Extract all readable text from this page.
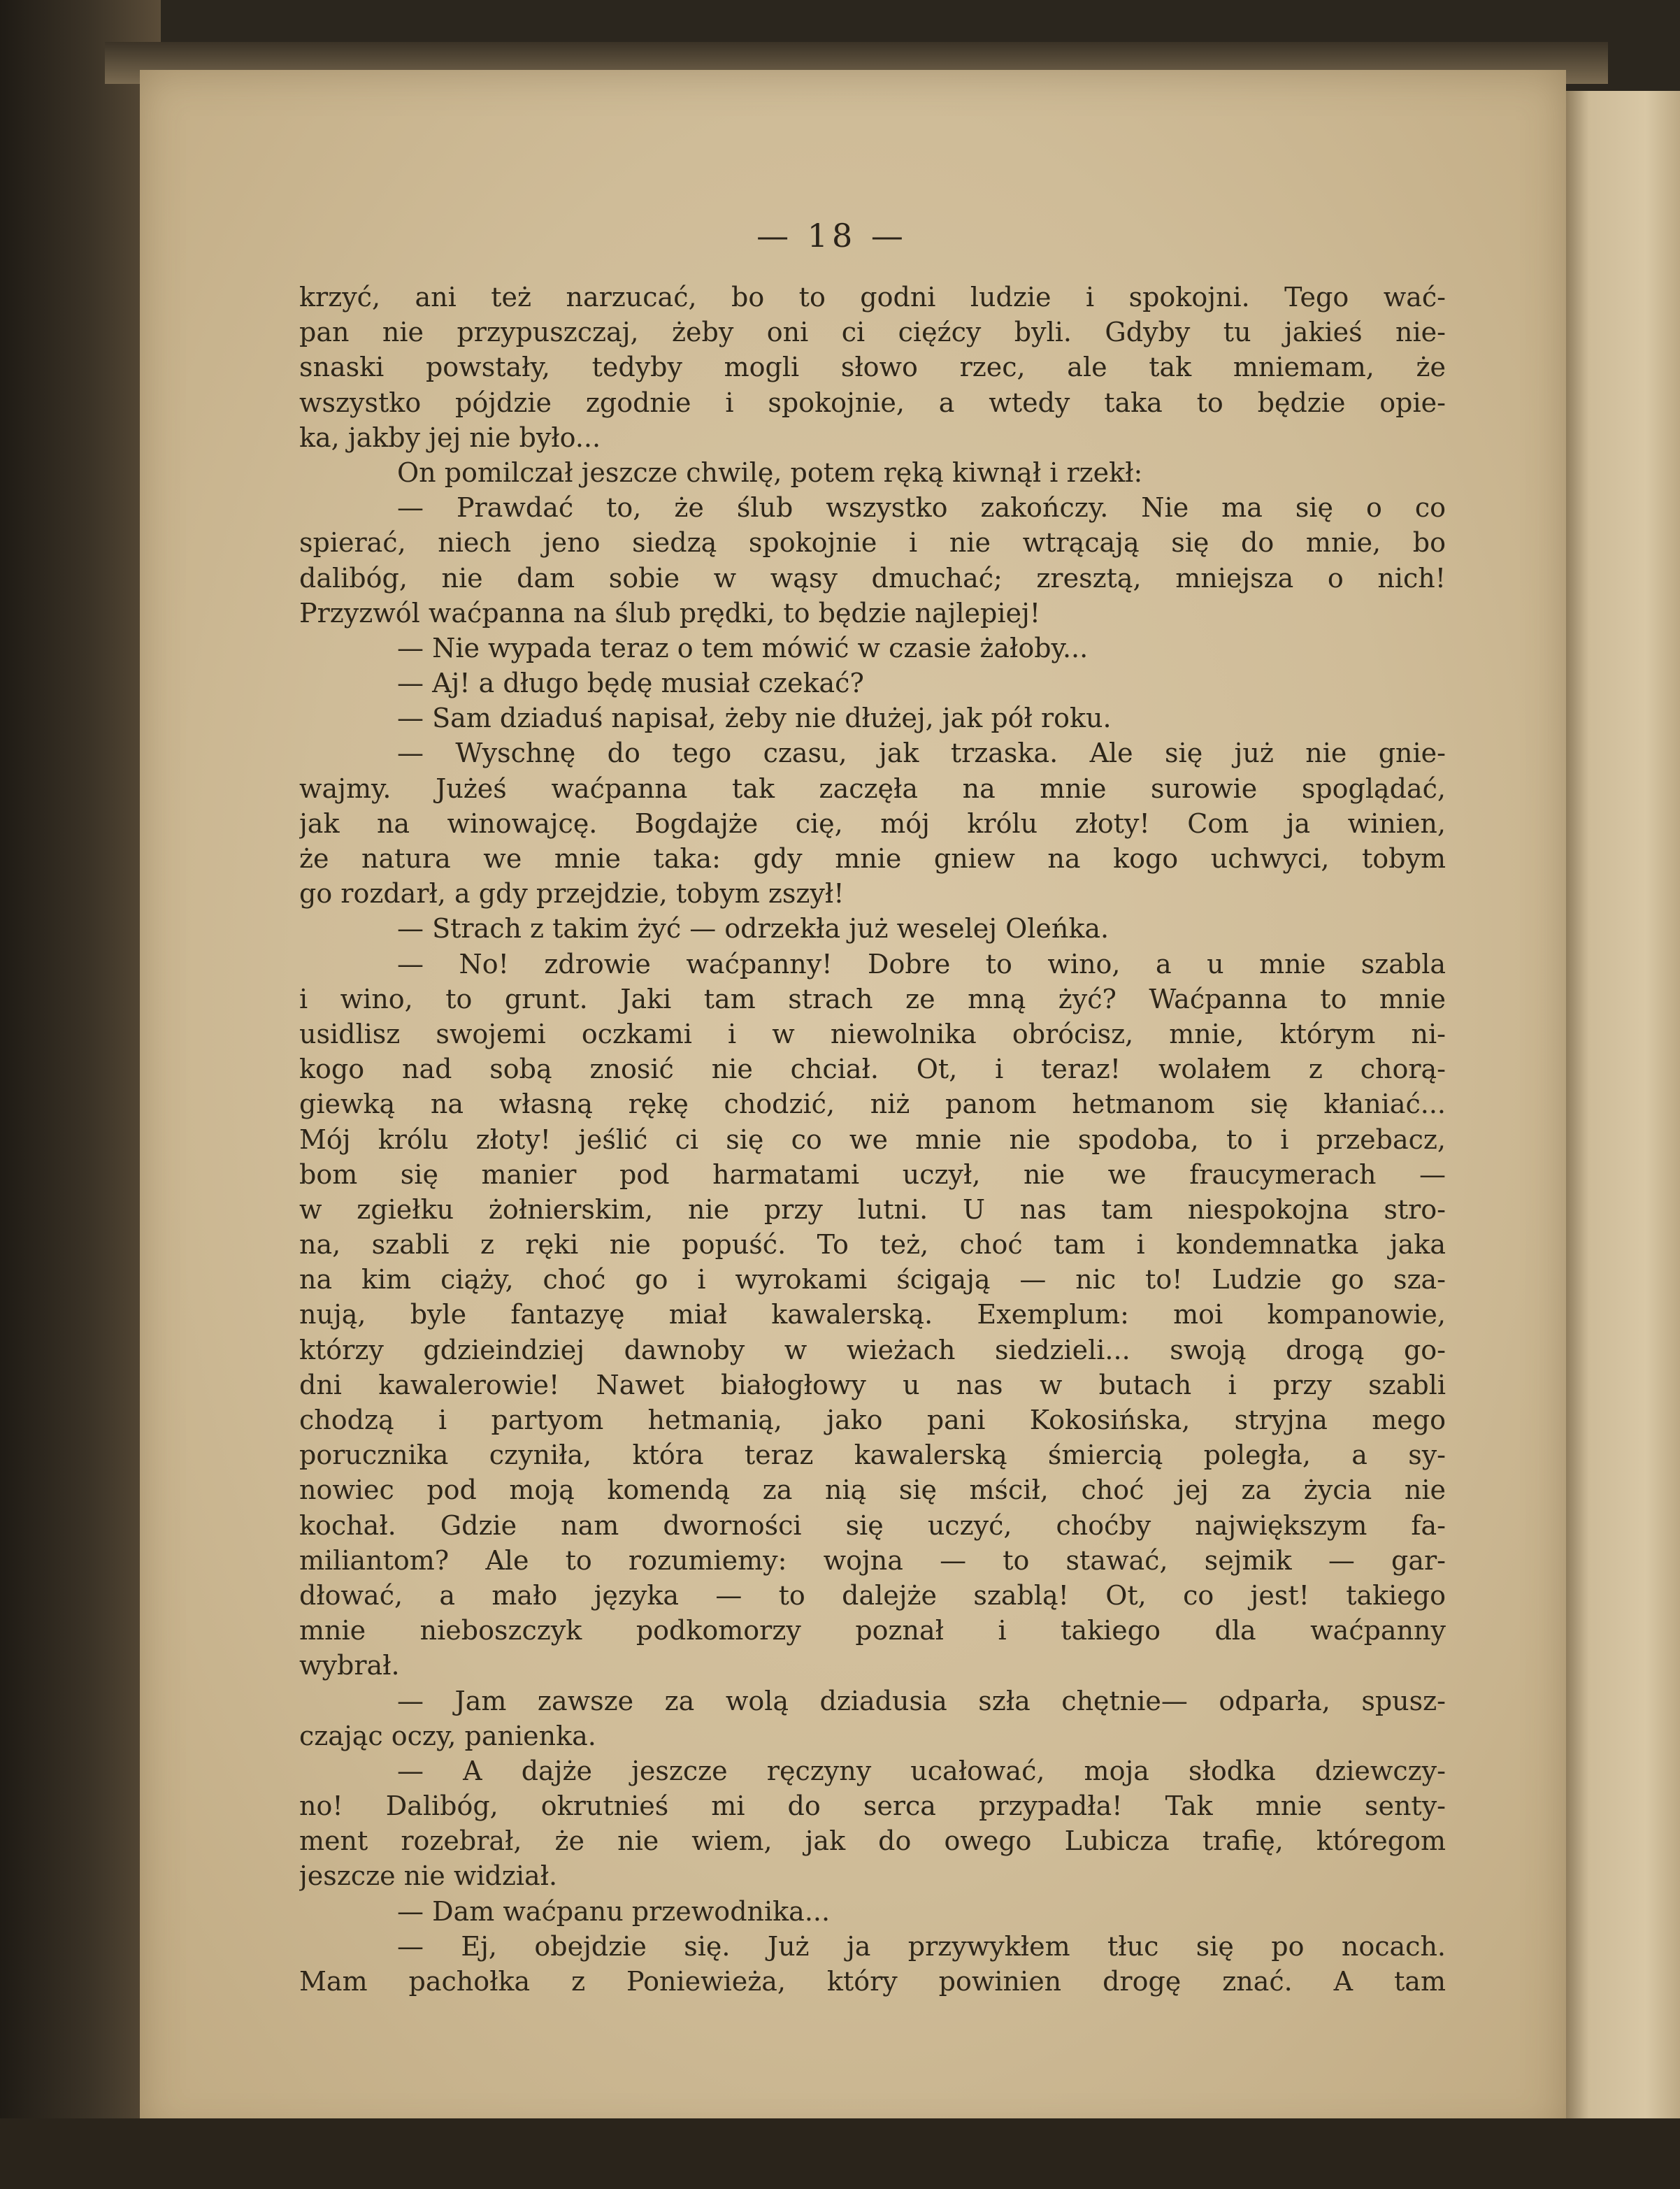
— 18 —
krzyć, ani też narzucać, bo to godni ludzie i spokojni. Tego wać-
pan nie przypuszczaj, żeby oni ci cięźcy byli. Gdyby tu jakieś nie-
snaski powstały, tedyby mogli słowo rzec, ale tak mniemam, że
wszystko pójdzie zgodnie i spokojnie, a wtedy taka to będzie opie-
ka, jakby jej nie było...
On pomilczał jeszcze chwilę, potem ręką kiwnął i rzekł:
— Prawdać to, że ślub wszystko zakończy. Nie ma się o co
spierać, niech jeno siedzą spokojnie i nie wtrącają się do mnie, bo
dalibóg, nie dam sobie w wąsy dmuchać; zresztą, mniejsza o nich!
Przyzwól waćpanna na ślub prędki, to będzie najlepiej!
— Nie wypada teraz o tem mówić w czasie żałoby...
— Aj! a długo będę musiał czekać?
— Sam dziaduś napisał, żeby nie dłużej, jak pół roku.
— Wyschnę do tego czasu, jak trzaska. Ale się już nie gnie-
wajmy. Jużeś waćpanna tak zaczęła na mnie surowie spoglądać,
jak na winowajcę. Bogdajże cię, mój królu złoty! Com ja winien,
że natura we mnie taka: gdy mnie gniew na kogo uchwyci, tobym
go rozdarł, a gdy przejdzie, tobym zszył!
— Strach z takim żyć — odrzekła już weselej Oleńka.
— No! zdrowie waćpanny! Dobre to wino, a u mnie szabla
i wino, to grunt. Jaki tam strach ze mną żyć? Waćpanna to mnie
usidlisz swojemi oczkami i w niewolnika obrócisz, mnie, którym ni-
kogo nad sobą znosić nie chciał. Ot, i teraz! wolałem z chorą-
giewką na własną rękę chodzić, niż panom hetmanom się kłaniać...
Mój królu złoty! jeślić ci się co we mnie nie spodoba, to i przebacz,
bom się manier pod harmatami uczył, nie we fraucymerach —
w zgiełku żołnierskim, nie przy lutni. U nas tam niespokojna stro-
na, szabli z ręki nie popuść. To też, choć tam i kondemnatka jaka
na kim ciąży, choć go i wyrokami ścigają — nic to! Ludzie go sza-
nują, byle fantazyę miał kawalerską. Exemplum: moi kompanowie,
którzy gdzieindziej dawnoby w wieżach siedzieli... swoją drogą go-
dni kawalerowie! Nawet białogłowy u nas w butach i przy szabli
chodzą i partyom hetmanią, jako pani Kokosińska, stryjna mego
porucznika czyniła, która teraz kawalerską śmiercią poległa, a sy-
nowiec pod moją komendą za nią się mścił, choć jej za życia nie
kochał. Gdzie nam dworności się uczyć, choćby największym fa-
miliantom? Ale to rozumiemy: wojna — to stawać, sejmik — gar-
dłować, a mało języka — to dalejże szablą! Ot, co jest! takiego
mnie nieboszczyk podkomorzy poznał i takiego dla waćpanny
wybrał.
— Jam zawsze za wolą dziadusia szła chętnie— odparła, spusz-
czając oczy, panienka.
— A dajże jeszcze ręczyny ucałować, moja słodka dziewczy-
no! Dalibóg, okrutnieś mi do serca przypadła! Tak mnie senty-
ment rozebrał, że nie wiem, jak do owego Lubicza trafię, któregom
jeszcze nie widział.
— Dam waćpanu przewodnika...
— Ej, obejdzie się. Już ja przywykłem tłuc się po nocach.
Mam pachołka z Poniewieża, który powinien drogę znać. A tam
